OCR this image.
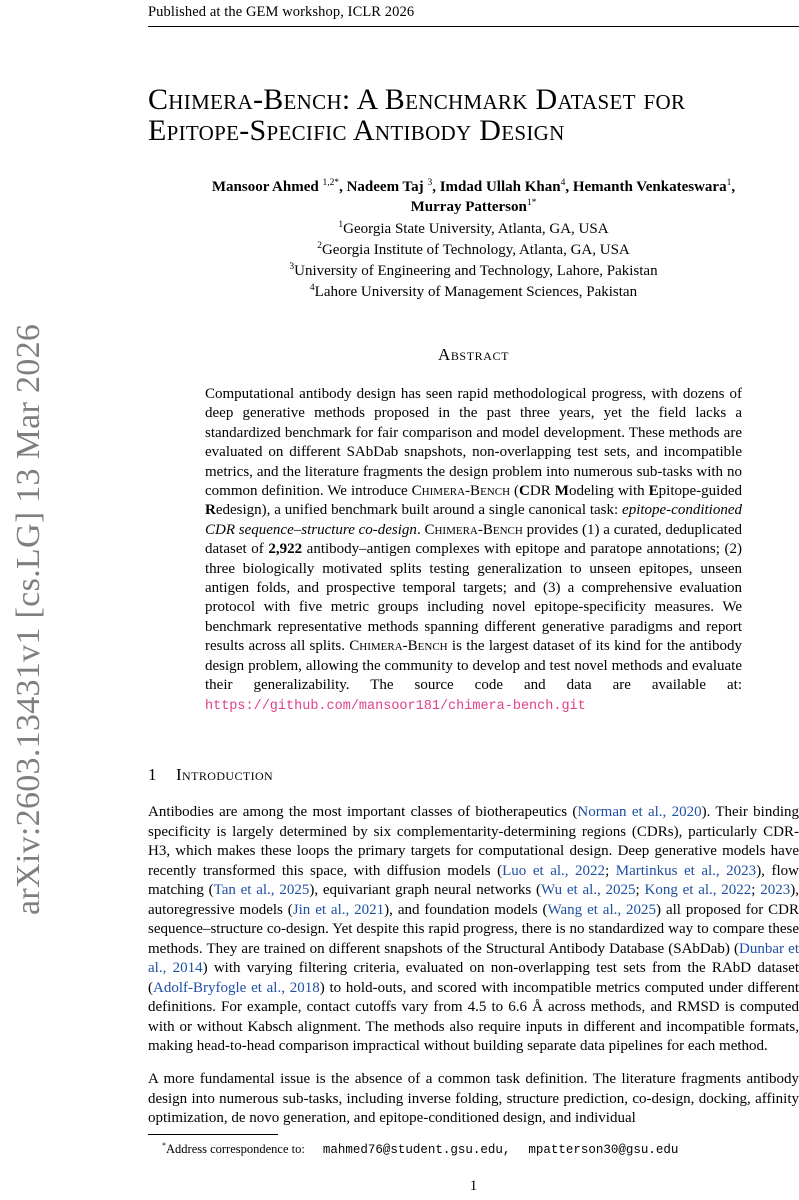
Published at the GEM workshop, ICLR 2026
arXiv:2603.13431v1 [cs.LG] 13 Mar 2026
Chimera-Bench: A Benchmark Dataset for
Epitope-Specific Antibody Design
Mansoor Ahmed $^{1,2*}$, Nadeem Taj $^3$, Imdad Ullah Khan$^4$, Hemanth Venkateswara$^1$,
Murray Patterson$^{1*}$
$^1$Georgia State University, Atlanta, GA, USA
$^2$Georgia Institute of Technology, Atlanta, GA, USA
$^3$University of Engineering and Technology, Lahore, Pakistan
$^4$Lahore University of Management Sciences, Pakistan
Abstract
Computational antibody design has seen rapid methodological progress, with dozens of deep generative methods proposed in the past three years, yet the field lacks a standardized benchmark for fair comparison and model development. These methods are evaluated on different SAbDab snapshots, non-overlapping test sets, and incompatible metrics, and the literature fragments the design problem into numerous sub-tasks with no common definition. We introduce Chimera-Bench (CDR Modeling with Epitope-guided Redesign), a unified benchmark built around a single canonical task: epitope-conditioned CDR sequence–structure co-design. Chimera-Bench provides (1) a curated, deduplicated dataset of 2,922 antibody–antigen complexes with epitope and paratope annotations; (2) three biologically motivated splits testing generalization to unseen epitopes, unseen antigen folds, and prospective temporal targets; and (3) a comprehensive evaluation protocol with five metric groups including novel epitope-specificity measures. We benchmark representative methods spanning different generative paradigms and report results across all splits. Chimera-Bench is the largest dataset of its kind for the antibody design problem, allowing the community to develop and test novel methods and evaluate their generalizability. The source code and data are available at: https://github.com/mansoor181/chimera-bench.git
1 Introduction
Antibodies are among the most important classes of biotherapeutics (Norman et al., 2020). Their binding specificity is largely determined by six complementarity-determining regions (CDRs), particularly CDR-H3, which makes these loops the primary targets for computational design. Deep generative models have recently transformed this space, with diffusion models (Luo et al., 2022; Martinkus et al., 2023), flow matching (Tan et al., 2025), equivariant graph neural networks (Wu et al., 2025; Kong et al., 2022; 2023), autoregressive models (Jin et al., 2021), and foundation models (Wang et al., 2025) all proposed for CDR sequence–structure co-design. Yet despite this rapid progress, there is no standardized way to compare these methods. They are trained on different snapshots of the Structural Antibody Database (SAbDab) (Dunbar et al., 2014) with varying filtering criteria, evaluated on non-overlapping test sets from the RAbD dataset (Adolf-Bryfogle et al., 2018) to hold-outs, and scored with incompatible metrics computed under different definitions. For example, contact cutoffs vary from 4.5 to 6.6 Å across methods, and RMSD is computed with or without Kabsch alignment. The methods also require inputs in different and incompatible formats, making head-to-head comparison impractical without building separate data pipelines for each method.
A more fundamental issue is the absence of a common task definition. The literature fragments antibody design into numerous sub-tasks, including inverse folding, structure prediction, co-design, docking, affinity optimization, de novo generation, and epitope-conditioned design, and individual
*Address correspondence to: mahmed76@student.gsu.edu, mpatterson30@gsu.edu
1
